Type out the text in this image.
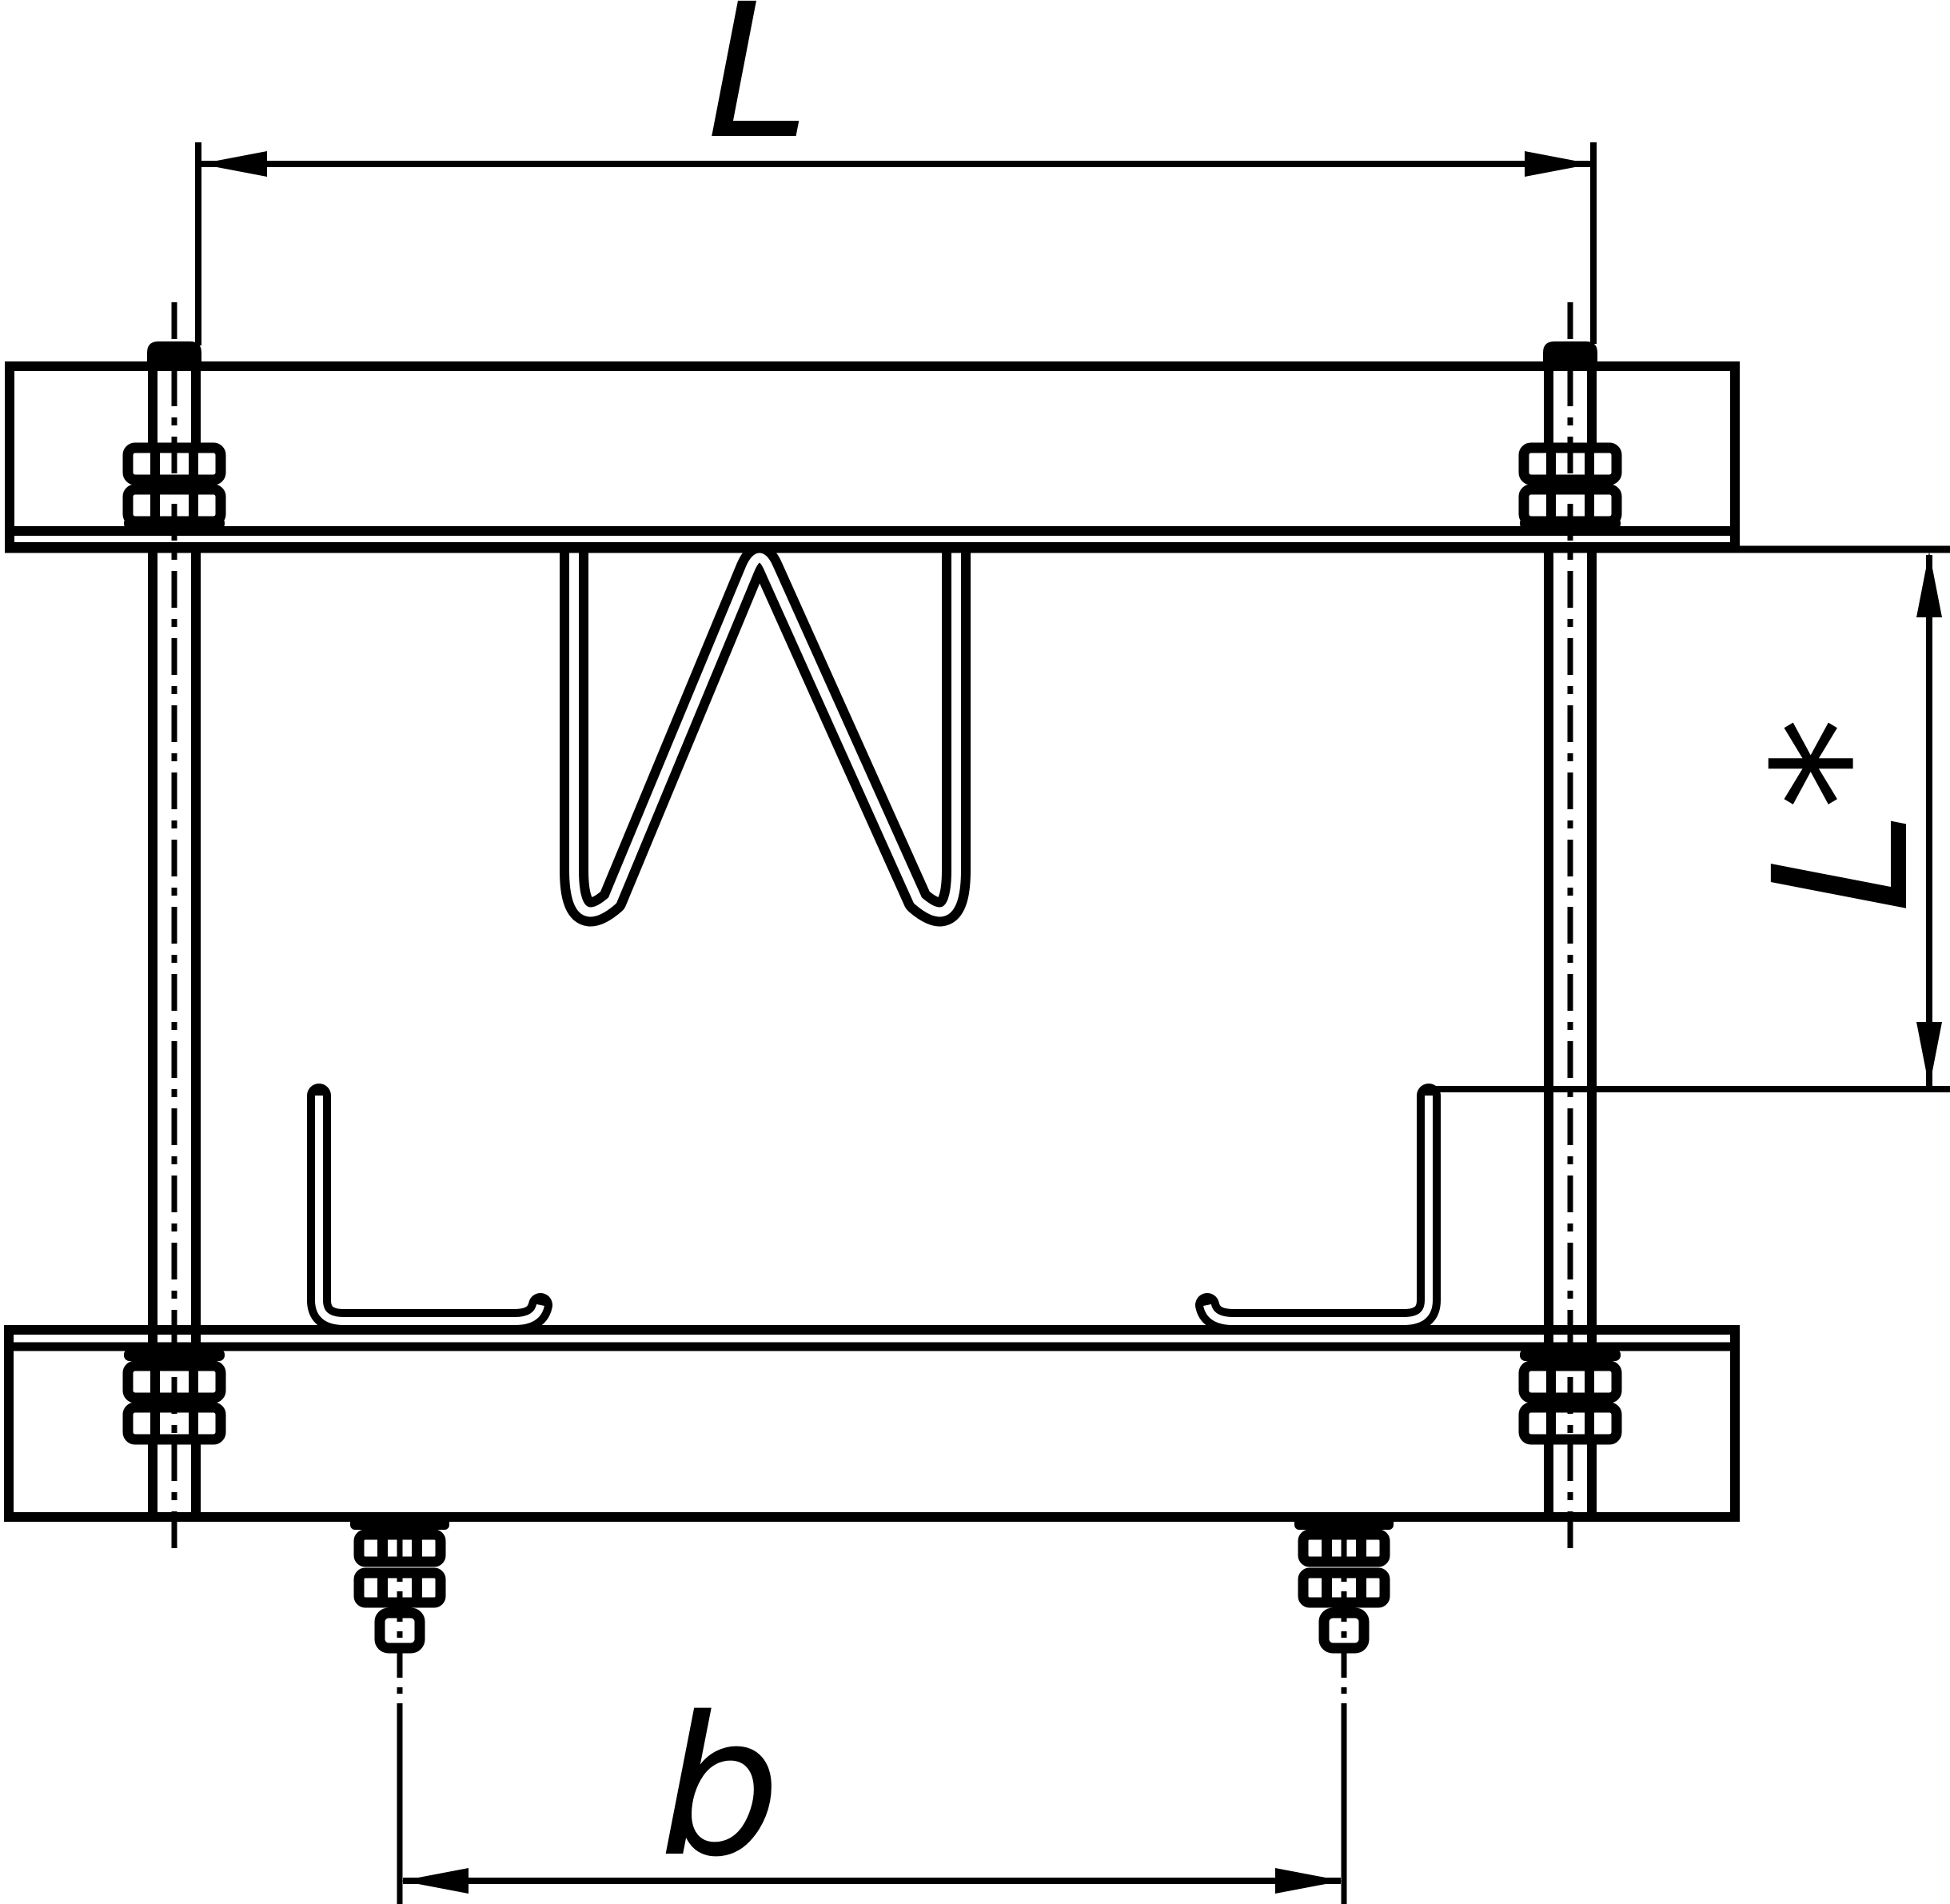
L
L*
b
